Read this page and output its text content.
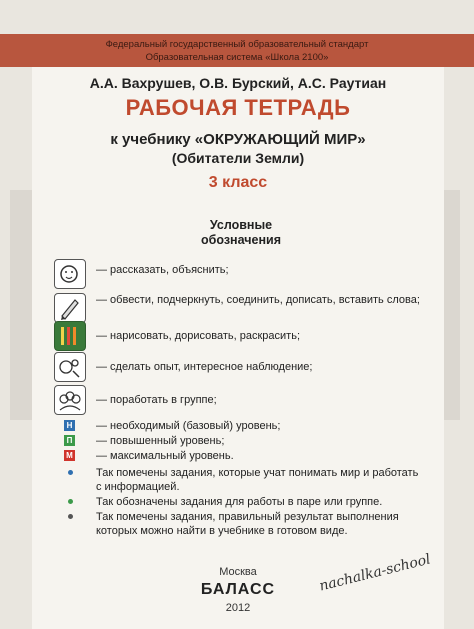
Федеральный государственный образовательный стандарт
Образовательная система «Школа 2100»
А.А. Вахрушев, О.В. Бурский, А.С. Раутиан
РАБОЧАЯ ТЕТРАДЬ
к учебнику «ОКРУЖАЮЩИЙ МИР»
(Обитатели Земли)
3 класс
Условные
обозначения
— рассказать, объяснить;
— обвести, подчеркнуть, соединить, дописать, вставить слова;
— нарисовать, дорисовать, раскрасить;
— сделать опыт, интересное наблюдение;
— поработать в группе;
Н — необходимый (базовый) уровень;
П — повышенный уровень;
М — максимальный уровень.
Так помечены задания, которые учат понимать мир и работать с информацией.
Так обозначены задания для работы в паре или группе.
Так помечены задания, правильный результат выполнения которых можно найти в учебнике в готовом виде.
Москва
БАЛАСС
2012
nachalka-school
